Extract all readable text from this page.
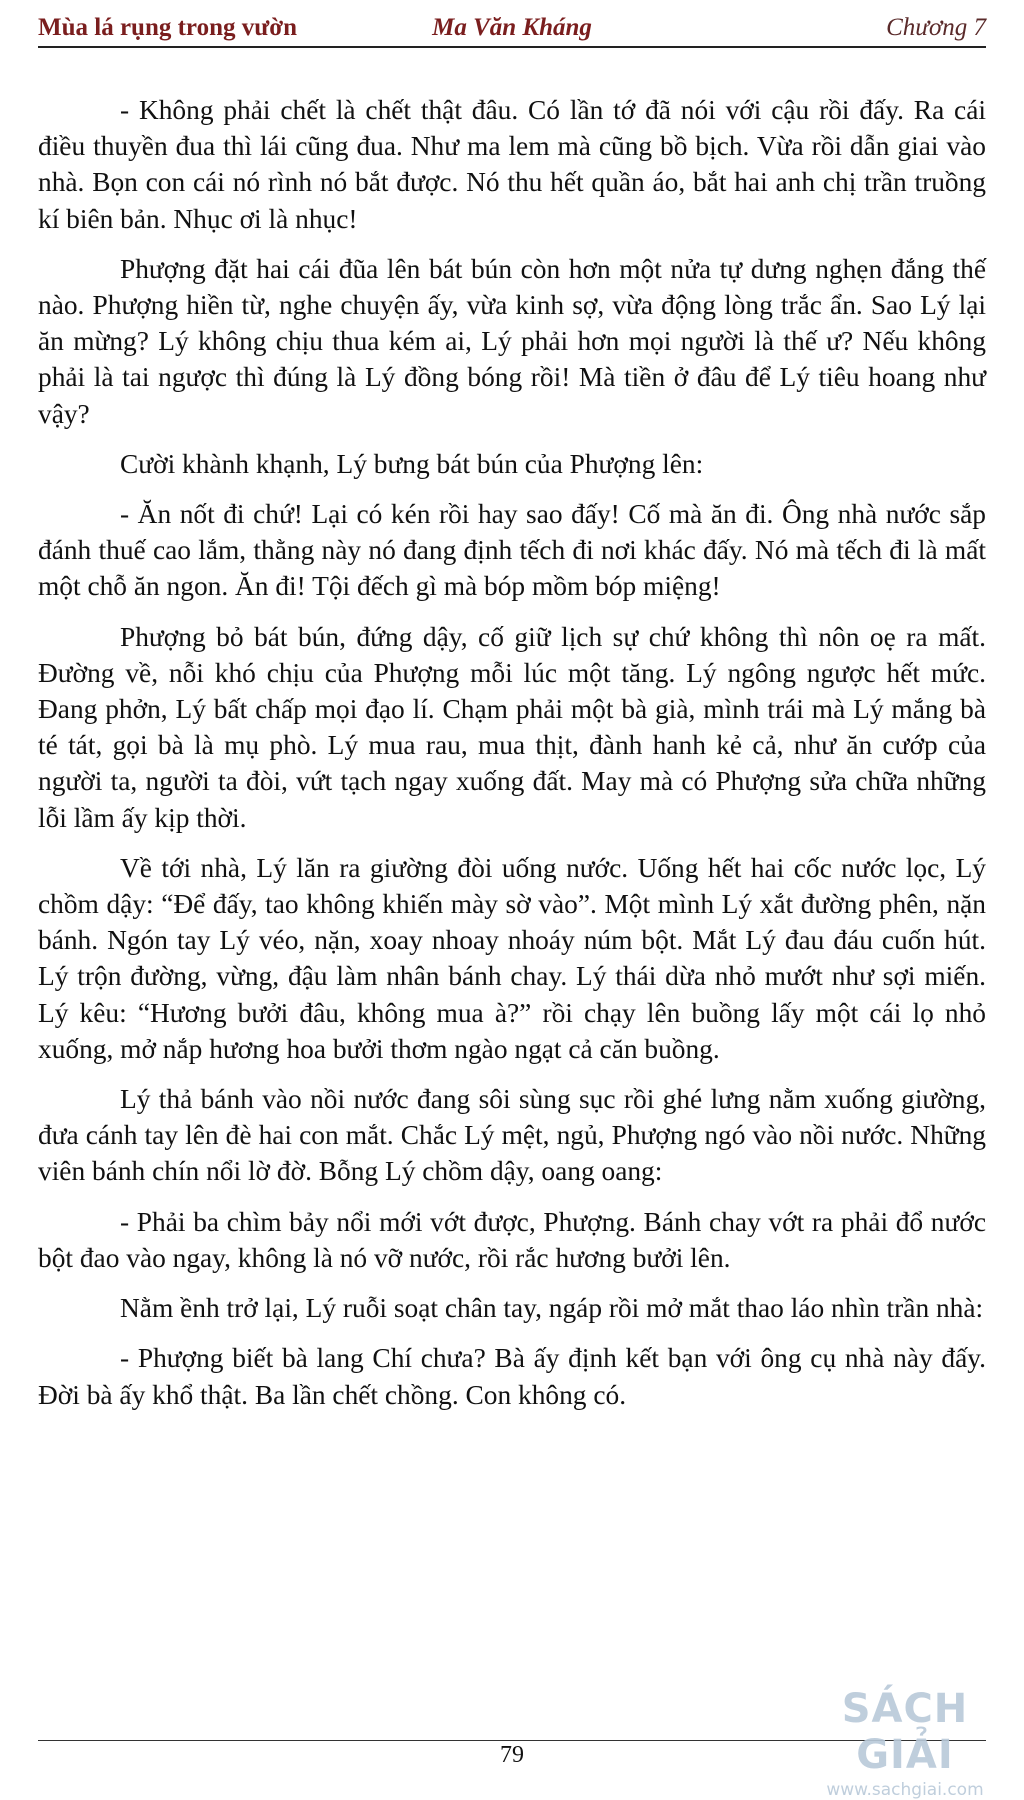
Mùa lá rụng trong vườn	Ma Văn Kháng	Chương 7

- Không phải chết là chết thật đâu. Có lần tớ đã nói với cậu rồi đấy. Ra cái điều thuyền đua thì lái cũng đua. Như ma lem mà cũng bồ bịch. Vừa rồi dẫn giai vào nhà. Bọn con cái nó rình nó bắt được. Nó thu hết quần áo, bắt hai anh chị trần truồng kí biên bản. Nhục ơi là nhục!

Phượng đặt hai cái đũa lên bát bún còn hơn một nửa tự dưng nghẹn đắng thế nào. Phượng hiền từ, nghe chuyện ấy, vừa kinh sợ, vừa động lòng trắc ẩn. Sao Lý lại ăn mừng? Lý không chịu thua kém ai, Lý phải hơn mọi người là thế ư? Nếu không phải là tai ngược thì đúng là Lý đồng bóng rồi! Mà tiền ở đâu để Lý tiêu hoang như vậy?

Cười khành khạnh, Lý bưng bát bún của Phượng lên:

- Ăn nốt đi chứ! Lại có kén rồi hay sao đấy! Cố mà ăn đi. Ông nhà nước sắp đánh thuế cao lắm, thằng này nó đang định tếch đi nơi khác đấy. Nó mà tếch đi là mất một chỗ ăn ngon. Ăn đi! Tội đếch gì mà bóp mồm bóp miệng!

Phượng bỏ bát bún, đứng dậy, cố giữ lịch sự chứ không thì nôn oẹ ra mất. Đường về, nỗi khó chịu của Phượng mỗi lúc một tăng. Lý ngông ngược hết mức. Đang phởn, Lý bất chấp mọi đạo lí. Chạm phải một bà già, mình trái mà Lý mắng bà té tát, gọi bà là mụ phò. Lý mua rau, mua thịt, đành hanh kẻ cả, như ăn cướp của người ta, người ta đòi, vứt tạch ngay xuống đất. May mà có Phượng sửa chữa những lỗi lầm ấy kịp thời.

Về tới nhà, Lý lăn ra giường đòi uống nước. Uống hết hai cốc nước lọc, Lý chồm dậy: “Để đấy, tao không khiến mày sờ vào”. Một mình Lý xắt đường phên, nặn bánh. Ngón tay Lý véo, nặn, xoay nhoay nhoáy núm bột. Mắt Lý đau đáu cuốn hút. Lý trộn đường, vừng, đậu làm nhân bánh chay. Lý thái dừa nhỏ mướt như sợi miến. Lý kêu: “Hương bưởi đâu, không mua à?” rồi chạy lên buồng lấy một cái lọ nhỏ xuống, mở nắp hương hoa bưởi thơm ngào ngạt cả căn buồng.

Lý thả bánh vào nồi nước đang sôi sùng sục rồi ghé lưng nằm xuống giường, đưa cánh tay lên đè hai con mắt. Chắc Lý mệt, ngủ, Phượng ngó vào nồi nước. Những viên bánh chín nổi lờ đờ. Bỗng Lý chồm dậy, oang oang:

- Phải ba chìm bảy nổi mới vớt được, Phượng. Bánh chay vớt ra phải đổ nước bột đao vào ngay, không là nó vỡ nước, rồi rắc hương bưởi lên.

Nằm ềnh trở lại, Lý ruỗi soạt chân tay, ngáp rồi mở mắt thao láo nhìn trần nhà:

- Phượng biết bà lang Chí chưa? Bà ấy định kết bạn với ông cụ nhà này đấy. Đời bà ấy khổ thật. Ba lần chết chồng. Con không có.

79
SÁCH GIẢI
www.sachgiai.com
